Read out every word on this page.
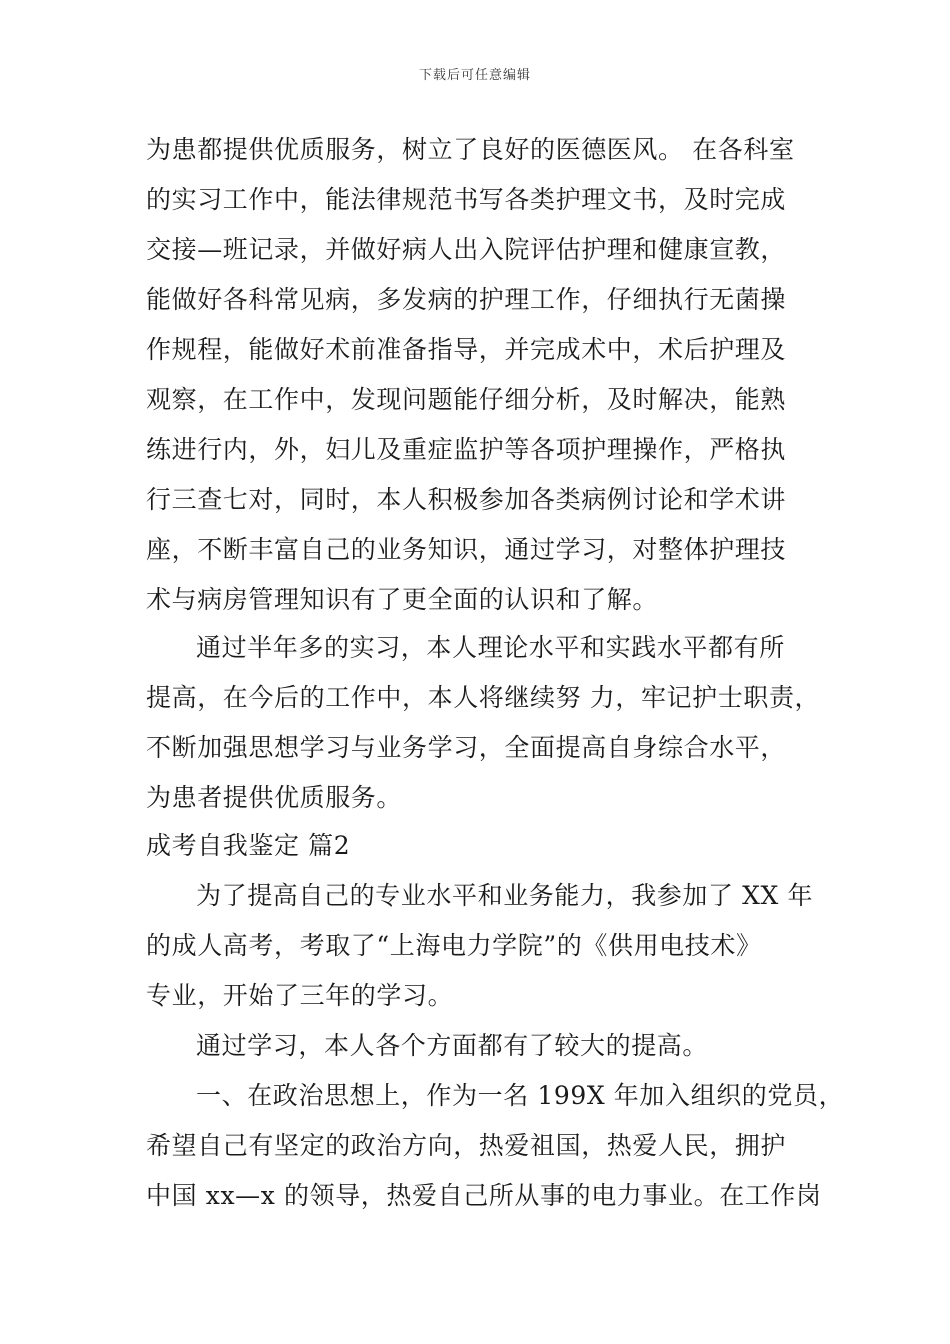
下载后可任意编辑
为患都提供优质服务，树立了良好的医德医风。 在各科室
的实习工作中，能法律规范书写各类护理文书，及时完成
交接—班记录，并做好病人出入院评估护理和健康宣教，
能做好各科常见病，多发病的护理工作，仔细执行无菌操
作规程，能做好术前准备指导，并完成术中，术后护理及
观察，在工作中，发现问题能仔细分析，及时解决，能熟
练进行内，外，妇儿及重症监护等各项护理操作，严格执
行三查七对，同时，本人积极参加各类病例讨论和学术讲
座，不断丰富自己的业务知识，通过学习，对整体护理技
术与病房管理知识有了更全面的认识和了解。
通过半年多的实习，本人理论水平和实践水平都有所
提高，在今后的工作中，本人将继续努 力，牢记护士职责，
不断加强思想学习与业务学习，全面提高自身综合水平，
为患者提供优质服务。
成考自我鉴定 篇2
为了提高自己的专业水平和业务能力，我参加了 XX 年
的成人高考，考取了“上海电力学院”的《供用电技术》
专业，开始了三年的学习。
通过学习，本人各个方面都有了较大的提高。
一、在政治思想上，作为一名 199X 年加入组织的党员，
希望自己有坚定的政治方向，热爱祖国，热爱人民，拥护
中国 xx—x 的领导，热爱自己所从事的电力事业。在工作岗
